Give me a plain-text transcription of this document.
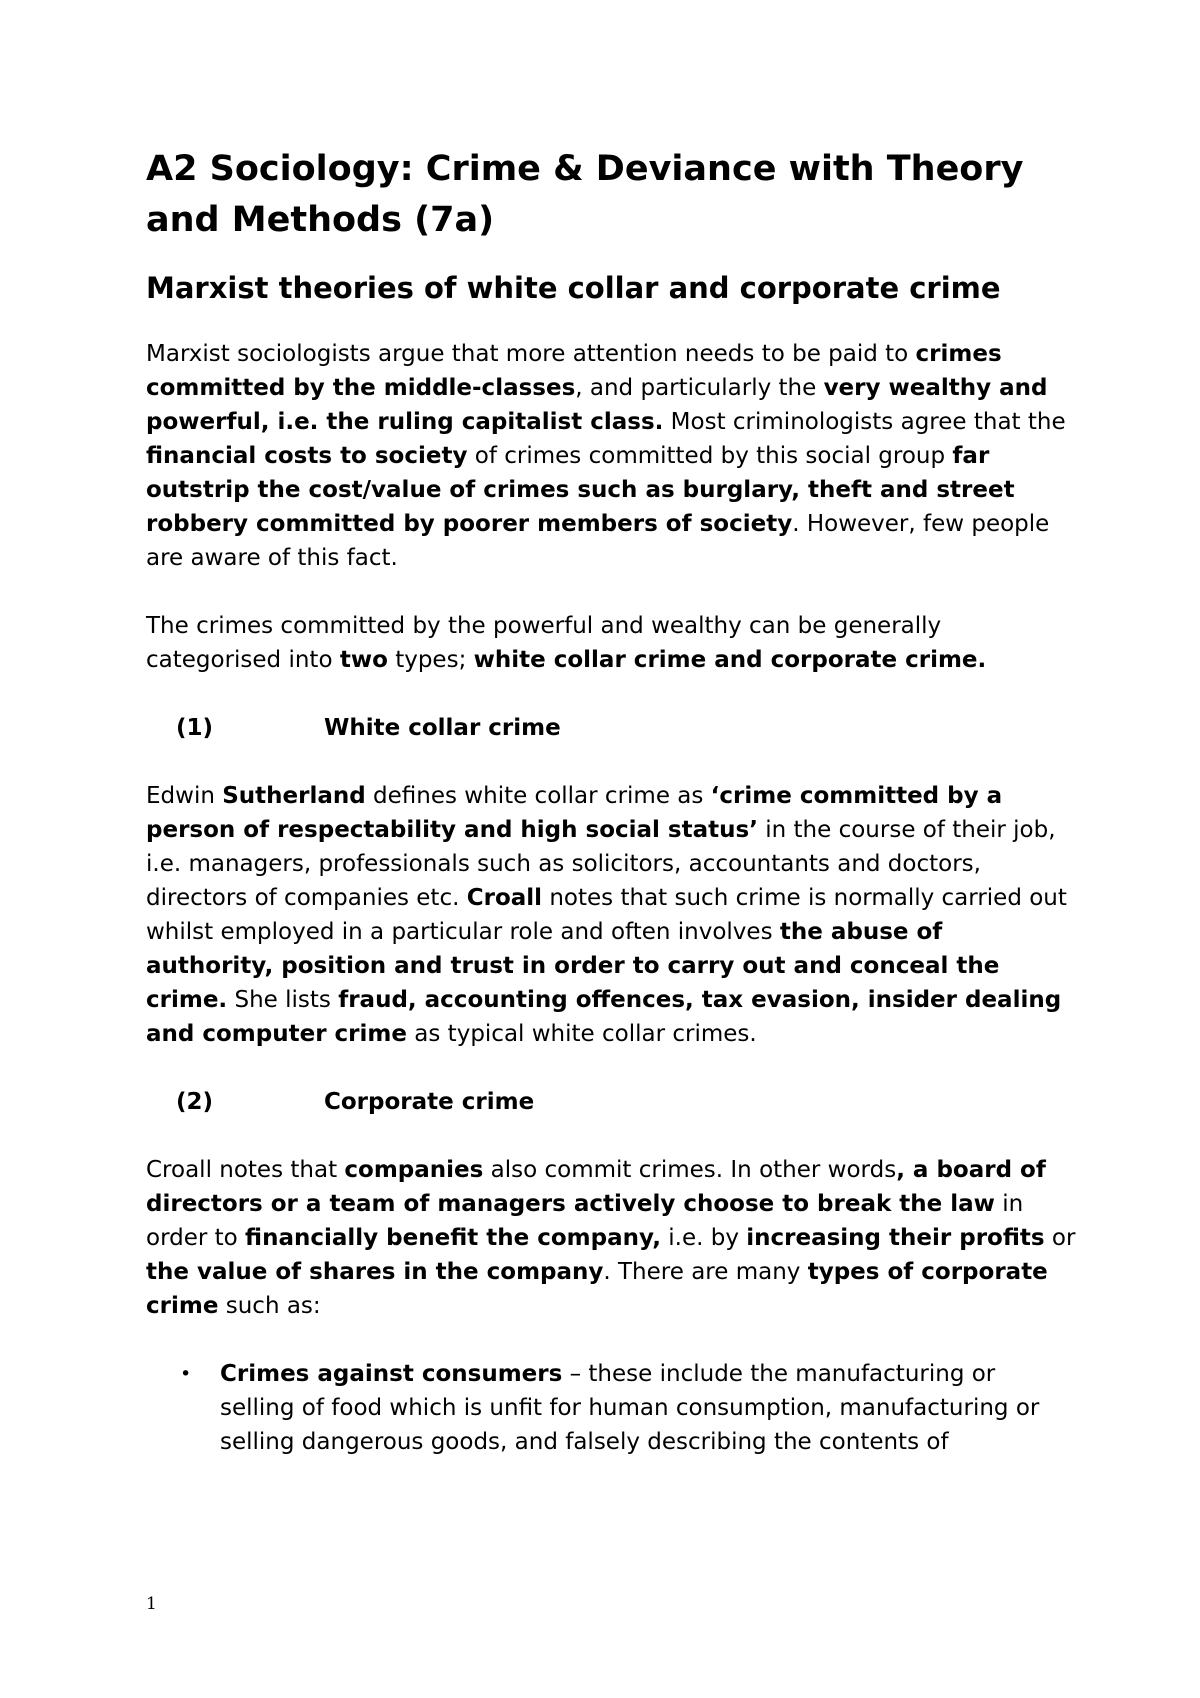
A2 Sociology: Crime & Deviance with Theory and Methods (7a)
Marxist theories of white collar and corporate crime

Marxist sociologists argue that more attention needs to be paid to crimes committed by the middle-classes, and particularly the very wealthy and powerful, i.e. the ruling capitalist class. Most criminologists agree that the financial costs to society of crimes committed by this social group far outstrip the cost/value of crimes such as burglary, theft and street robbery committed by poorer members of society. However, few people are aware of this fact.

The crimes committed by the powerful and wealthy can be generally categorised into two types; white collar crime and corporate crime.

(1)	White collar crime

Edwin Sutherland defines white collar crime as ‘crime committed by a person of respectability and high social status’ in the course of their job, i.e. managers, professionals such as solicitors, accountants and doctors, directors of companies etc. Croall notes that such crime is normally carried out whilst employed in a particular role and often involves the abuse of authority, position and trust in order to carry out and conceal the crime. She lists fraud, accounting offences, tax evasion, insider dealing and computer crime as typical white collar crimes.

(2)	Corporate crime

Croall notes that companies also commit crimes. In other words, a board of directors or a team of managers actively choose to break the law in order to financially benefit the company, i.e. by increasing their profits or the value of shares in the company. There are many types of corporate crime such as:

• Crimes against consumers – these include the manufacturing or selling of food which is unfit for human consumption, manufacturing or selling dangerous goods, and falsely describing the contents of
1
